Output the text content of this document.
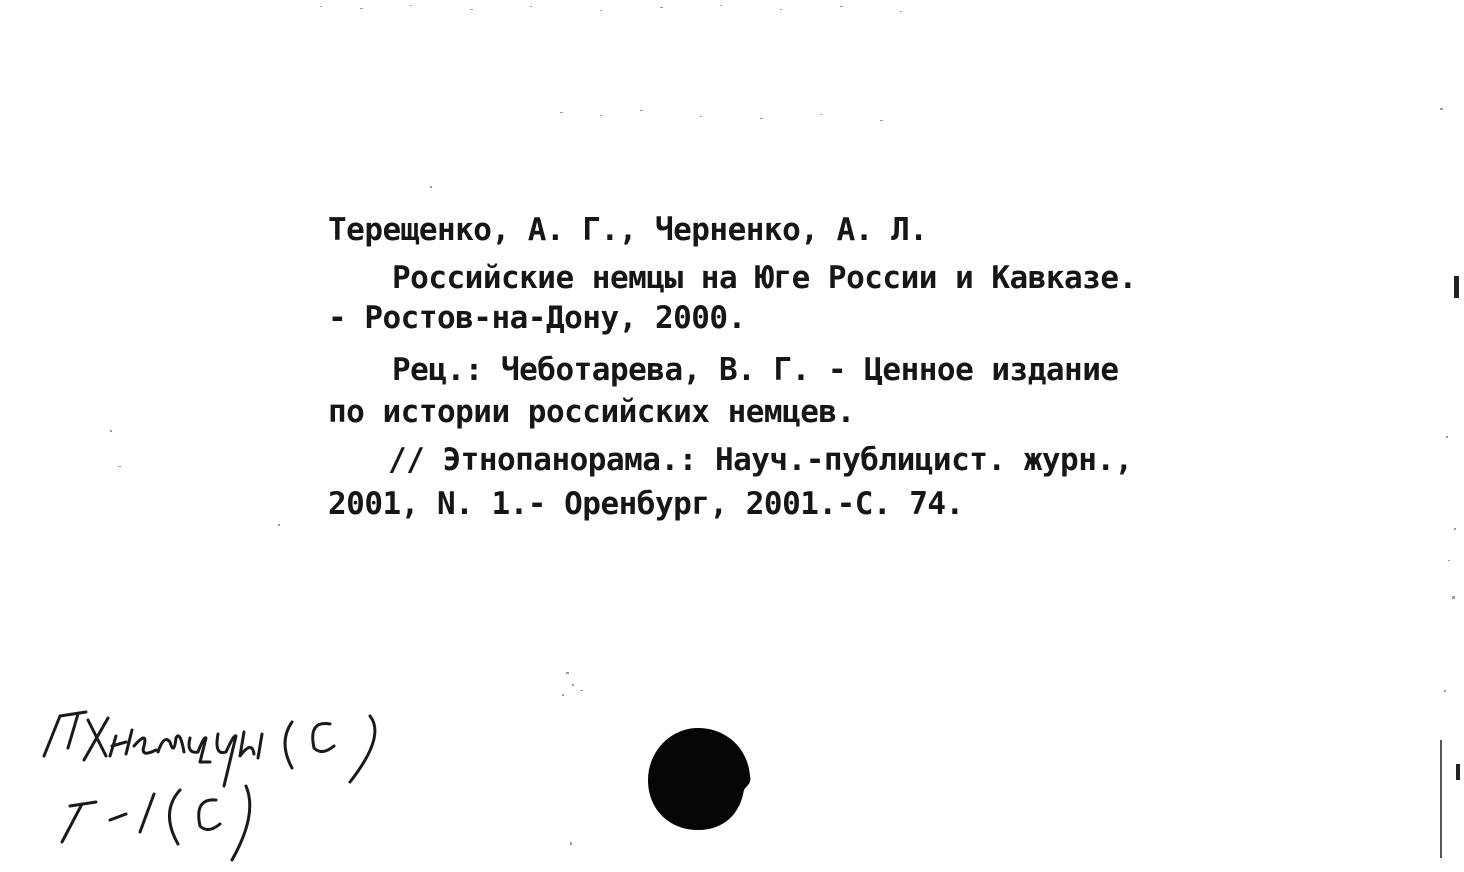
Терещенко, А. Г., Черненко, А. Л.
Российские немцы на Юге России и Кавказе.
- Ростов-на-Дону, 2000.
Рец.: Чеботарева, В. Г. - Ценное издание
по истории российских немцев.
// Этнопанорама.: Науч.-публицист. журн.,
2001, N. 1.- Оренбург, 2001.-С. 74.
